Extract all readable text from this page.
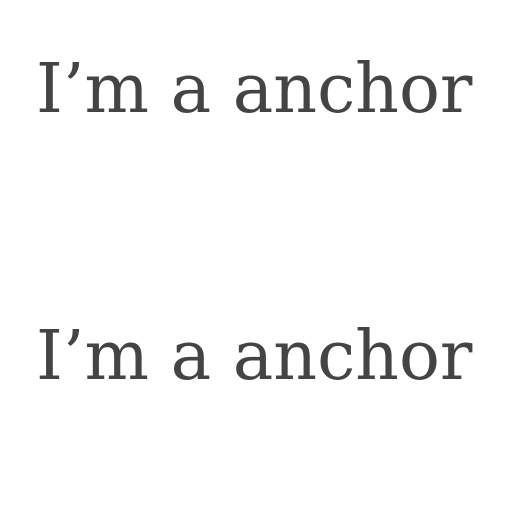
I’m a anchor
I’m a anchor
